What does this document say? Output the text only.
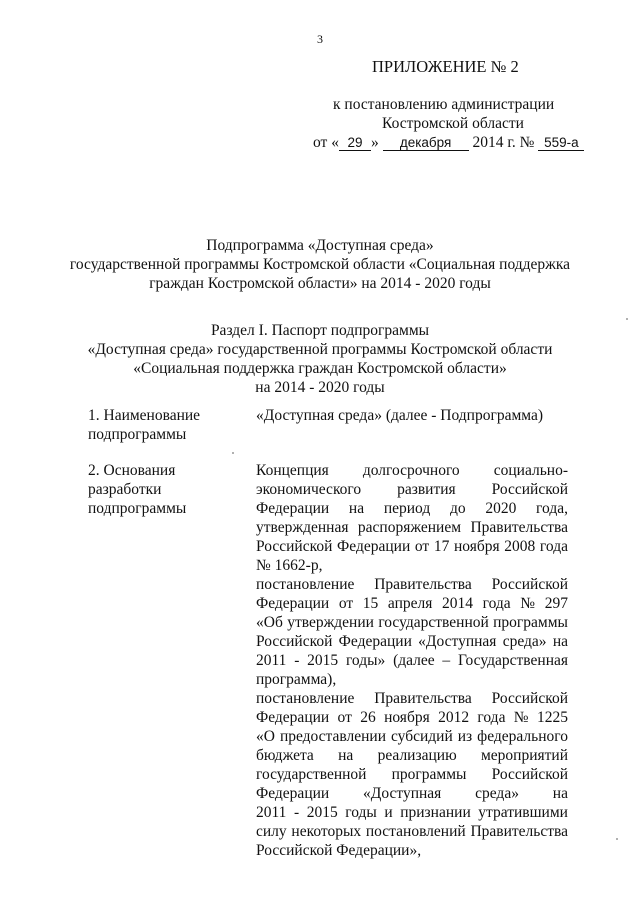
3
ПРИЛОЖЕНИЕ № 2
к постановлению администрации
Костромской области
от « 29 » декабря 2014 г. № 559-а
Подпрограмма «Доступная среда»
государственной программы Костромской области «Социальная поддержка
граждан Костромской области» на 2014 - 2020 годы
Раздел I. Паспорт подпрограммы
«Доступная среда» государственной программы Костромской области
«Социальная поддержка граждан Костромской области»
на 2014 - 2020 годы
1. Наименование
подпрограммы
«Доступная среда» (далее - Подпрограмма)
2. Основания
разработки
подпрограммы
Концепция долгосрочного социально-
экономического развития Российской
Федерации на период до 2020 года,
утвержденная распоряжением Правительства
Российской Федерации от 17 ноября 2008 года
№ 1662-р,
постановление Правительства Российской
Федерации от 15 апреля 2014 года № 297
«Об утверждении государственной программы
Российской Федерации «Доступная среда» на
2011 - 2015 годы» (далее – Государственная
программа),
постановление Правительства Российской
Федерации от 26 ноября 2012 года № 1225
«О предоставлении субсидий из федерального
бюджета на реализацию мероприятий
государственной программы Российской
Федерации «Доступная среда» на
2011 - 2015 годы и признании утратившими
силу некоторых постановлений Правительства
Российской Федерации»,
